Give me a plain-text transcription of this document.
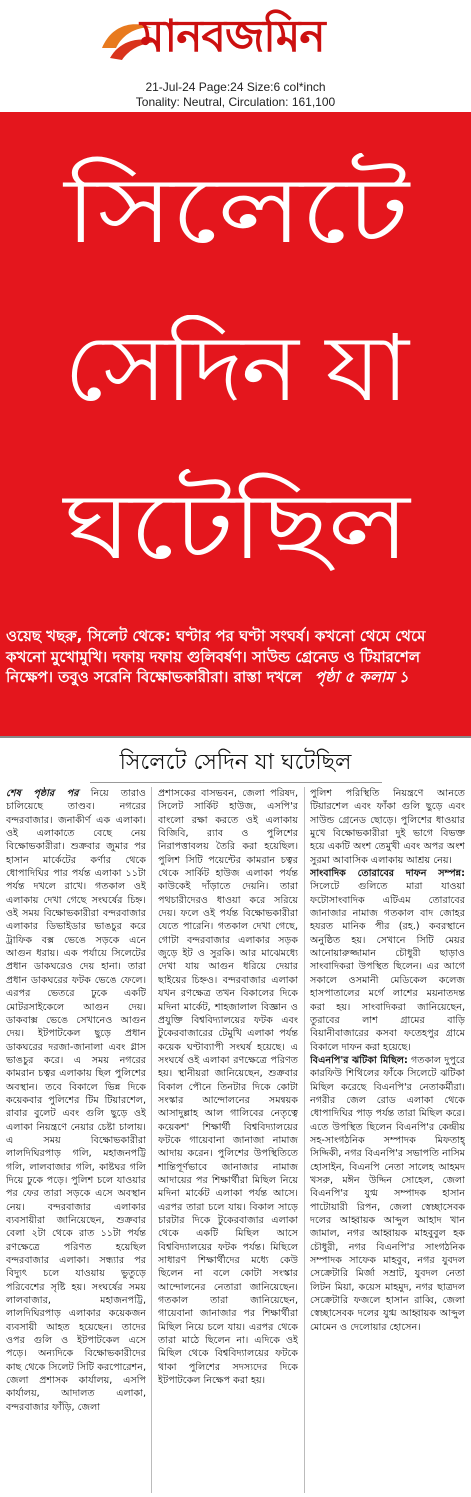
মানবজমিন
21-Jul-24 Page:24 Size:6 col*inch
Tonality: Neutral, Circulation: 161,100
সিলেটে
সেদিন যা
ঘটেছিল
ওয়েছ খছরু, সিলেট থেকে: ঘণ্টার পর ঘণ্টা সংঘর্ষ। কখনো থেমে থেমে কখনো মুখোমুখি। দফায় দফায় গুলিবর্ষণ। সাউন্ড গ্রেনেড ও টিয়ারশেল নিক্ষেপ। তবুও সরেনি বিক্ষোভকারীরা। রাস্তা দখলে পৃষ্ঠা ৫ কলাম ১
সিলেটে সেদিন যা ঘটেছিল

শেষ পৃষ্ঠার পর নিয়ে তারাও চালিয়েছে তাণ্ডব। নগরের বন্দরবাজার। জনাকীর্ণ এক এলাকা। ওই এলাকাতে বেছে নেয় বিক্ষোভকারীরা। শুক্রবার জুমার পর হাসান মার্কেটের কর্ণার থেকে ধোপাদিঘির পার পর্যন্ত এলাকা ১১টা পর্যন্ত দখলে রাখে। গতকাল ওই এলাকায় দেখা গেছে সংঘর্ষের চিহ্ন। ওই সময় বিক্ষোভকারীরা বন্দরবাজার এলাকার ডিভাইডার ভাঙচুর করে ট্রাফিক বক্স ভেঙে সড়কে এনে আগুন ধরায়। এক পর্যায়ে সিলেটের প্রধান ডাকঘরেও দেয় হানা। তারা প্রধান ডাকঘরের ফটক ভেঙে ফেলে। এরপর ভেতরে ঢুকে একটি মোটরসাইকেলে আগুন দেয়। ডাকবাক্স ভেঙে সেখানেও আগুন দেয়। ইটপাটকেল ছুড়ে প্রধান ডাকঘরের দরজা-জানালা এবং গ্লাস ভাঙচুর করে। এ সময় নগরের কামরান চত্বর এলাকায় ছিল পুলিশের অবস্থান। তবে বিকালে ভিন্ন দিকে কয়েকবার পুলিশের টিম টিয়ারশেল, রাবার বুলেট এবং গুলি ছুড়ে ওই এলাকা নিয়ন্ত্রণে নেয়ার চেষ্টা চালায়। এ সময় বিক্ষোভকারীরা লালদিঘিরপাড় গলি, মহাজনপট্টি গলি, লালবাজার গলি, কাষ্টঘর গলি দিয়ে ঢুকে পড়ে। পুলিশ চলে যাওয়ার পর ফের তারা সড়কে এসে অবস্থান নেয়। বন্দরবাজার এলাকার ব্যবসায়ীরা জানিয়েছেন, শুক্রবার বেলা ২টা থেকে রাত ১১টা পর্যন্ত রণক্ষেত্রে পরিণত হয়েছিল বন্দরবাজার এলাকা। সন্ধ্যার পর বিদ্যুৎ চলে যাওয়ায় ভুতুড়ে পরিবেশের সৃষ্টি হয়। সংঘর্ষের সময় লালবাজার, মহাজনপট্টি, লালদিঘিরপাড় এলাকার কয়েকজন ব্যবসায়ী আহত হয়েছেন। তাদের ওপর গুলি ও ইটপাটকেল এসে পড়ে। অন্যদিকে বিক্ষোভকারীদের কাছ থেকে সিলেট সিটি করপোরেশন, জেলা প্রশাসক কার্যালয়, এসপি কার্যালয়, আদালত এলাকা, বন্দরবাজার ফাঁড়ি, জেলা

প্রশাসকের বাসভবন, জেলা পরিষদ, সিলেট সার্কিট হাউজ, এসপি'র বাংলো রক্ষা করতে ওই এলাকায় বিজিবি, র‌্যাব ও পুলিশের নিরাপত্তাবলয় তৈরি করা হয়েছিল। পুলিশ সিটি পয়েন্টের কামরান চত্বর থেকে সার্কিট হাউজ এলাকা পর্যন্ত কাউকেই দাঁড়াতে দেয়নি। তারা পথচারীদেরও ধাওয়া করে সরিয়ে দেয়। ফলে ওই পর্যন্ত বিক্ষোভকারীরা যেতে পারেনি। গতকাল দেখা গেছে, গোটা বন্দরবাজার এলাকার সড়ক জুড়ে ইট ও সুরকি। আর মাঝেমধ্যে দেখা যায় আগুন ধরিয়ে দেয়ার ছাইয়ের চিহ্নও। বন্দরবাজার এলাকা যখন রণক্ষেত্র তখন বিকালের দিকে মদিনা মার্কেট, শাহজালাল বিজ্ঞান ও প্রযুক্তি বিশ্ববিদ্যালয়ের ফটক এবং টুকেরবাজারের টেমুখি এলাকা পর্যন্ত কয়েক ঘণ্টাব্যাপী সংঘর্ষ হয়েছে। এ সংঘর্ষে ওই এলাকা রণক্ষেত্রে পরিণত হয়। স্থানীয়রা জানিয়েছেন, শুক্রবার বিকাল পৌনে তিনটার দিকে কোটা সংস্কার আন্দোলনের সমন্বয়ক আসাদুল্লাহ আল গালিবের নেতৃত্বে কয়েকশ' শিক্ষার্থী বিশ্ববিদ্যালয়ের ফটকে গায়েবানা জানাজা নামাজ আদায় করেন। পুলিশের উপস্থিতিতে শান্তিপূর্ণভাবে জানাজার নামাজ আদায়ের পর শিক্ষার্থীরা মিছিল নিয়ে মদিনা মার্কেট এলাকা পর্যন্ত আসে। এরপর তারা চলে যায়। বিকাল সাড়ে চারটার দিকে টুকেরবাজার এলাকা থেকে একটি মিছিল আসে বিশ্ববিদ্যালয়ের ফটক পর্যন্ত। মিছিলে সাধারণ শিক্ষার্থীদের মধ্যে কেউ ছিলেন না বলে কোটা সংস্কার আন্দোলনের নেতারা জানিয়েছেন। গতকাল তারা জানিয়েছেন, গায়েবানা জানাজার পর শিক্ষার্থীরা মিছিল নিয়ে চলে যায়। এরপর থেকে তারা মাঠে ছিলেন না। এদিকে ওই মিছিল থেকে বিশ্ববিদ্যালয়ের ফটকে থাকা পুলিশের সদস্যদের দিকে ইটপাটকেল নিক্ষেপ করা হয়।

পুলিশ পরিস্থিতি নিয়ন্ত্রণে আনতে টিয়ারশেল এবং ফাঁকা গুলি ছুড়ে এবং সাউন্ড গ্রেনেড ছোড়ে। পুলিশের ধাওয়ার মুখে বিক্ষোভকারীরা দুই ভাগে বিভক্ত হয়ে একটি অংশ তেমুখী এবং অপর অংশ সুরমা আবাসিক এলাকায় আশ্রয় নেয়।

সাংবাদিক তোরাবের দাফন সম্পন্ন: সিলেটে গুলিতে মারা যাওয়া ফটোসাংবাদিক এটিএম তোরাবের জানাজার নামাজ গতকাল বাদ জোহর হযরত মানিক পীর (রহ.) কবরস্থানে অনুষ্ঠিত হয়। সেখানে সিটি মেয়র আনোয়ারুজ্জামান চৌধুরী ছাড়াও সাংবাদিকরা উপস্থিত ছিলেন। এর আগে সকালে ওসমানী মেডিকেল কলেজ হাসপাতালের মর্গে লাশের ময়নাতদন্ত করা হয়। সাংবাদিকরা জানিয়েছেন, তুরাবের লাশ গ্রামের বাড়ি বিয়ানীবাজারের কসবা ফতেহপুর গ্রামে বিকালে দাফন করা হয়েছে।

বিএনপি'র ঝটিকা মিছিল: গতকাল দুপুরে কারফিউ শিথিলের ফাঁকে সিলেটে ঝটিকা মিছিল করেছে বিএনপি'র নেতাকর্মীরা। নগরীর জেল রোড এলাকা থেকে ধোপাদিঘির পাড় পর্যন্ত তারা মিছিল করে। এতে উপস্থিত ছিলেন বিএনপি'র কেন্দ্রীয় সহ-সাংগঠনিক সম্পাদক মিফতাহ্ সিদ্দিকী, নগর বিএনপি'র সভাপতি নাসিম হোসাইন, বিএনপি নেতা সালেহ আহমদ খসরু, মঈন উদ্দিন সোহেল, জেলা বিএনপি'র যুগ্ম সম্পাদক হাসান পাটোয়ারী রিপন, জেলা স্বেচ্ছাসেবক দলের আহ্বায়ক আব্দুল আহাদ খান জামাল, নগর আহ্বায়ক মাহবুবুল হক চৌধুরী, নগর বিএনপি'র সাংগঠনিক সম্পাদক সাফেক মাহবুব, নগর যুবদল সেক্রেটারি মির্জা সম্রাট, যুবদল নেতা লিটন মিয়া, কয়েস মাহমুদ, নগর ছাত্রদল সেক্রেটারি ফজলে হাসান রাব্বি, জেলা স্বেচ্ছাসেবক দলের যুগ্ম আহ্বায়ক আব্দুল মোমেন ও দেলোয়ার হোসেন।
